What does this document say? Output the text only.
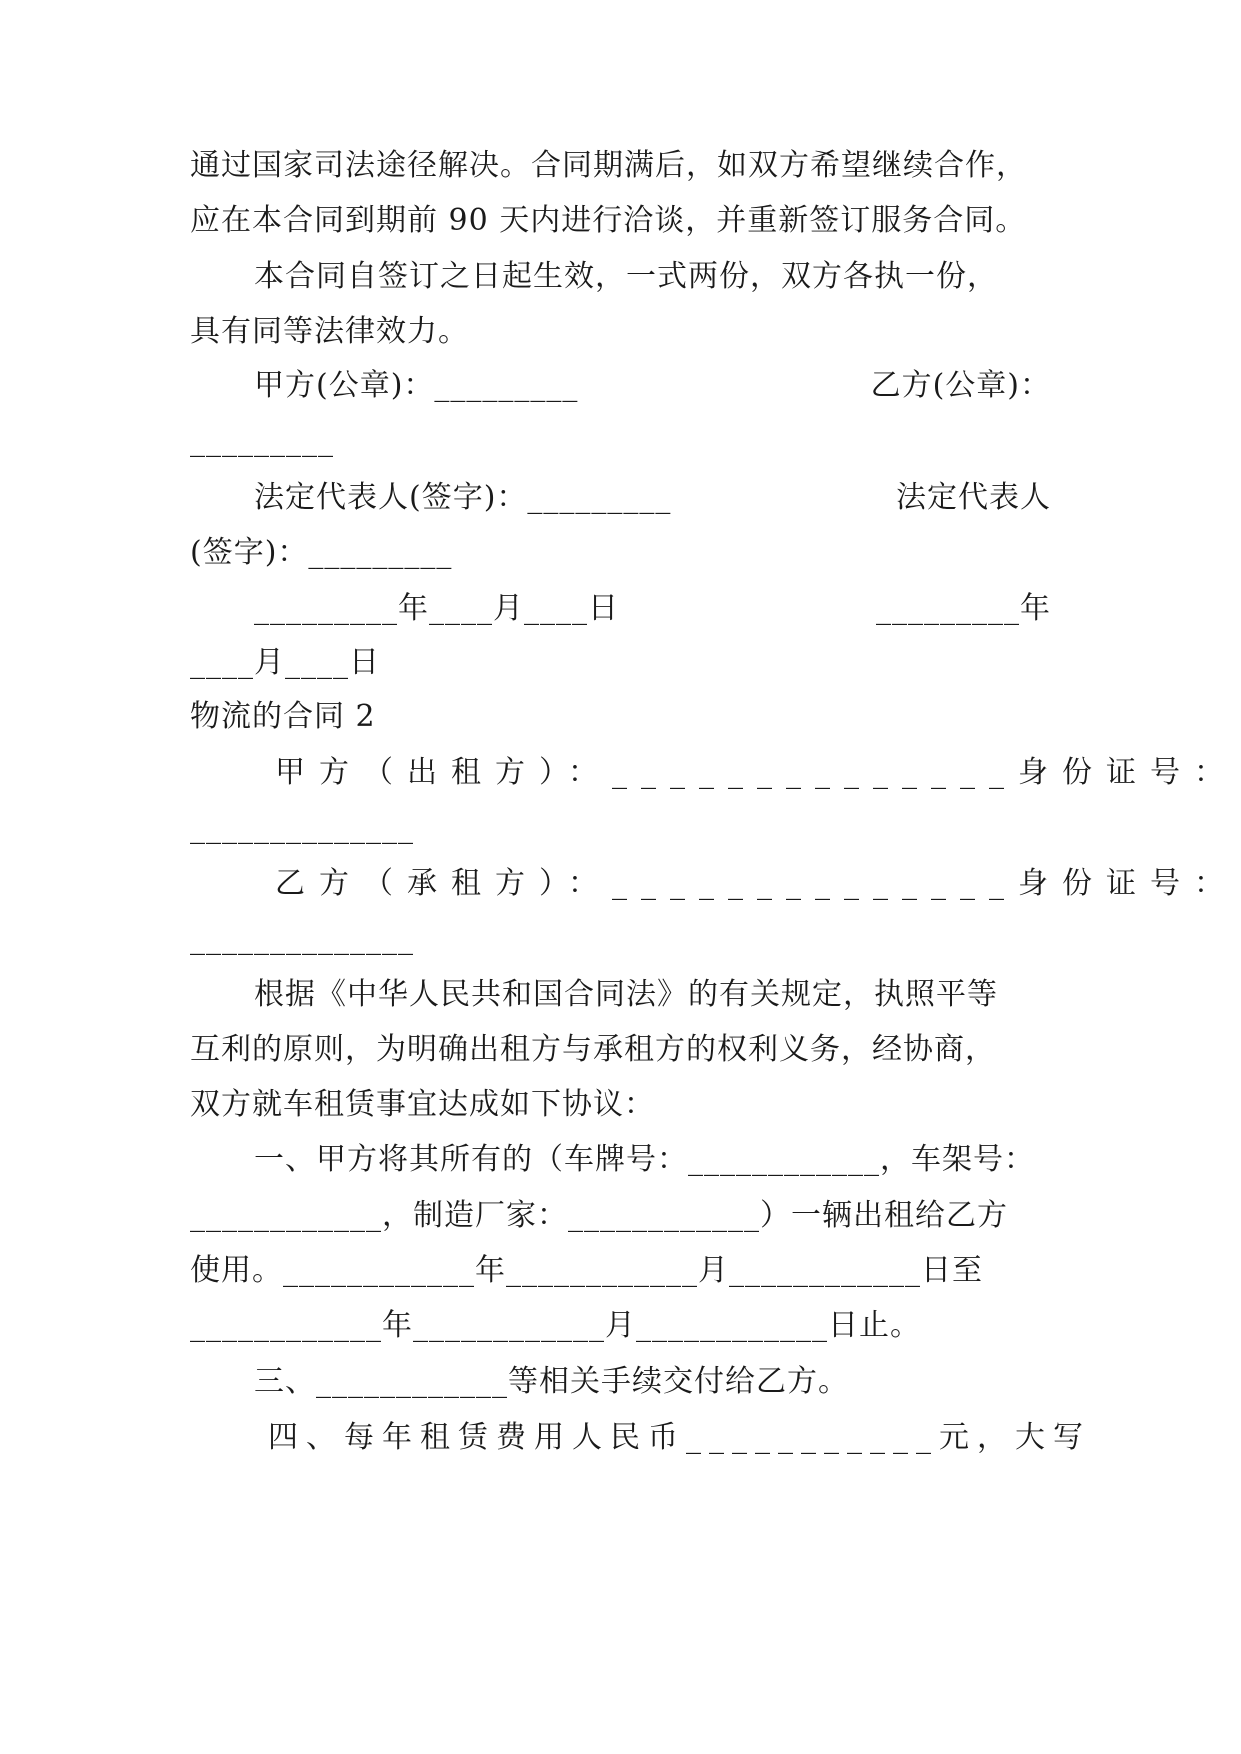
通过国家司法途径解决。合同期满后，如双方希望继续合作，
应在本合同到期前 90 天内进行洽谈，并重新签订服务合同。
本合同自签订之日起生效，一式两份，双方各执一份，
具有同等法律效力。
甲方(公章)：_________	乙方(公章)：
_________
法定代表人(签字)：_________	法定代表人
(签字)：_________
_________年____月____日	_________年
____月____日
物流的合同 2
甲方（出租方）：______________ 身份证号：
______________
乙方（承租方）：______________ 身份证号：
______________
根据《中华人民共和国合同法》的有关规定，执照平等
互利的原则，为明确出租方与承租方的权利义务，经协商，
双方就车租赁事宜达成如下协议：
一、甲方将其所有的（车牌号：____________，车架号：
____________，制造厂家：____________）一辆出租给乙方
使用。____________年____________月____________日至
____________年____________月____________日止。
三、____________等相关手续交付给乙方。
四、每年租赁费用人民币___________元，大写
